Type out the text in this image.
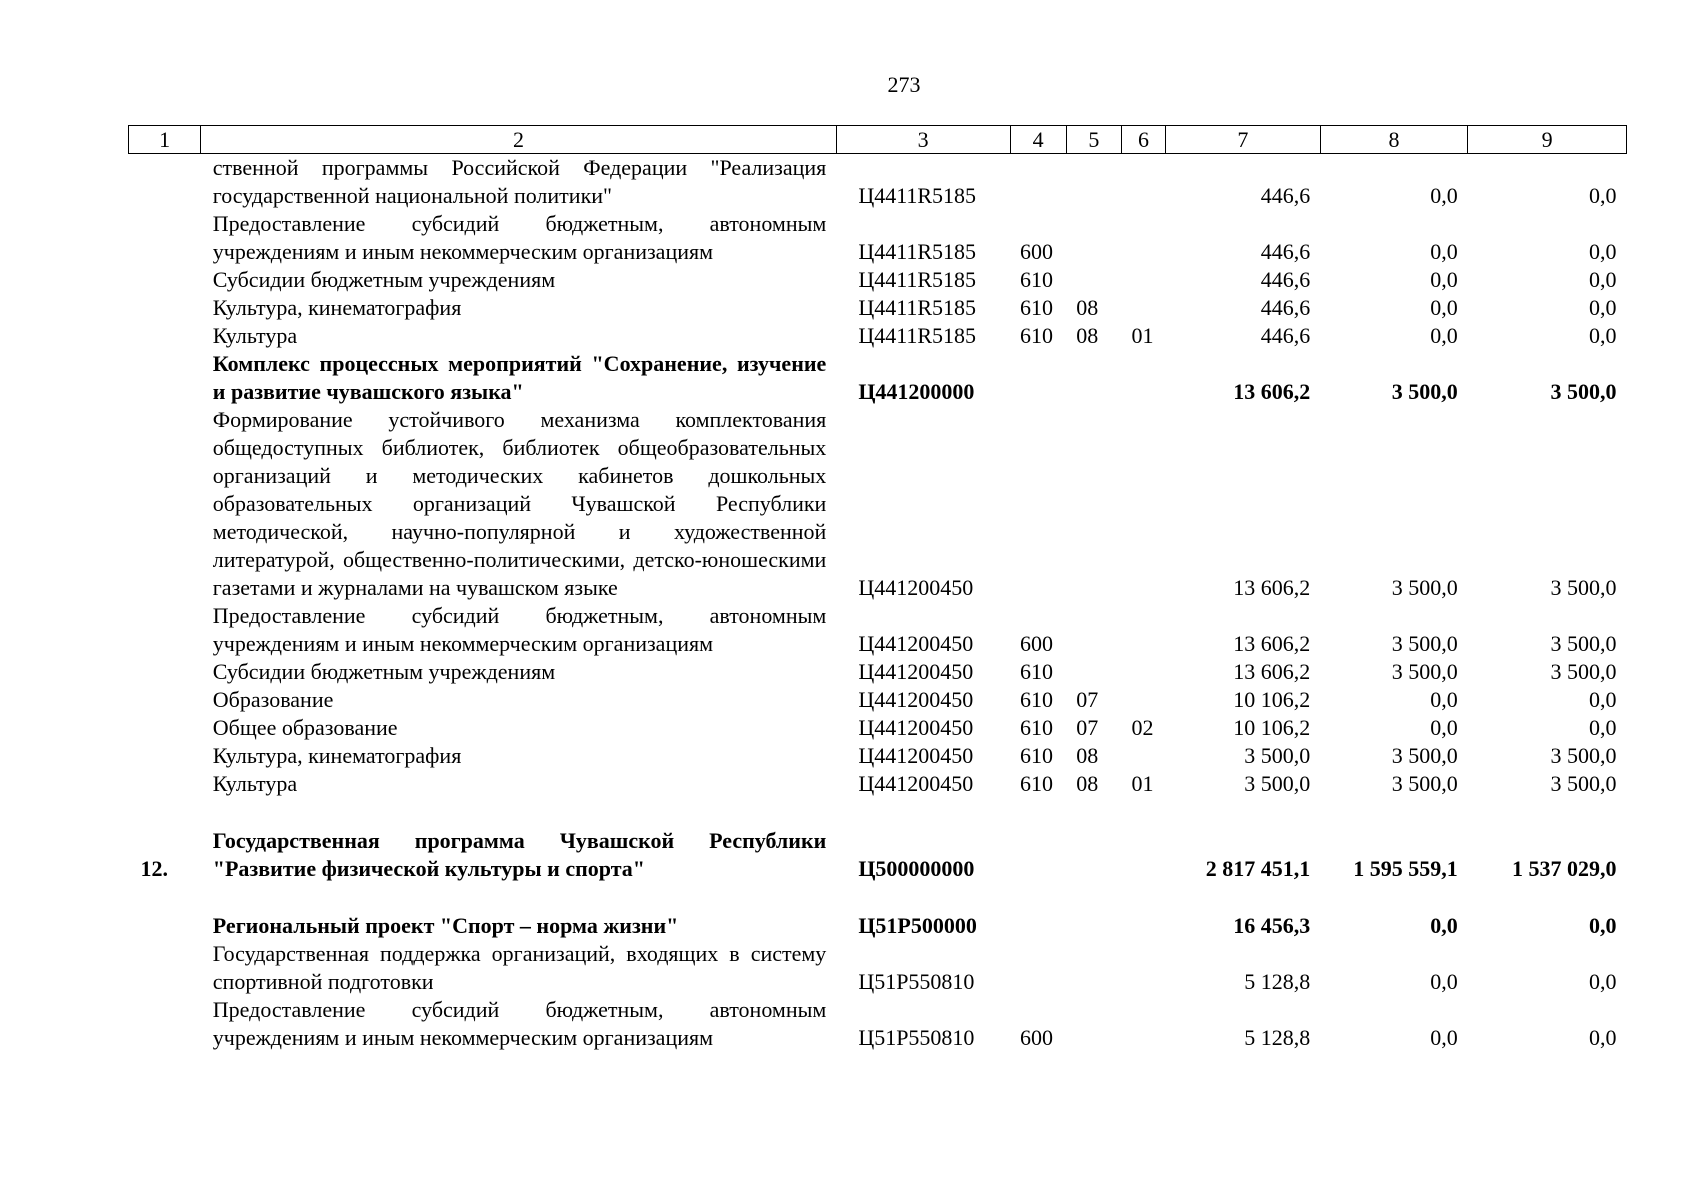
273
1	2	3	4	5	6	7	8	9
	ственной программы Российской Федерации "Реализация государственной национальной политики"	Ц4411R5185				446,6	0,0	0,0
	Предоставление субсидий бюджетным, автономным учреждениям и иным некоммерческим организациям	Ц4411R5185	600			446,6	0,0	0,0
	Субсидии бюджетным учреждениям	Ц4411R5185	610			446,6	0,0	0,0
	Культура, кинематография	Ц4411R5185	610	08		446,6	0,0	0,0
	Культура	Ц4411R5185	610	08	01	446,6	0,0	0,0
	Комплекс процессных мероприятий "Сохранение, изучение и развитие чувашского языка"	Ц441200000				13 606,2	3 500,0	3 500,0
	Формирование устойчивого механизма комплектования общедоступных библиотек, библиотек общеобразовательных организаций и методических кабинетов дошкольных образовательных организаций Чувашской Республики методической, научно-популярной и художественной литературой, общественно-политическими, детско-юношескими газетами и журналами на чувашском языке	Ц441200450				13 606,2	3 500,0	3 500,0
	Предоставление субсидий бюджетным, автономным учреждениям и иным некоммерческим организациям	Ц441200450	600			13 606,2	3 500,0	3 500,0
	Субсидии бюджетным учреждениям	Ц441200450	610			13 606,2	3 500,0	3 500,0
	Образование	Ц441200450	610	07		10 106,2	0,0	0,0
	Общее образование	Ц441200450	610	07	02	10 106,2	0,0	0,0
	Культура, кинематография	Ц441200450	610	08		3 500,0	3 500,0	3 500,0
	Культура	Ц441200450	610	08	01	3 500,0	3 500,0	3 500,0

12.	Государственная программа Чувашской Республики "Развитие физической культуры и спорта"	Ц500000000				2 817 451,1	1 595 559,1	1 537 029,0

	Региональный проект "Спорт – норма жизни"	Ц51Р500000				16 456,3	0,0	0,0
	Государственная поддержка организаций, входящих в систему спортивной подготовки	Ц51Р550810				5 128,8	0,0	0,0
	Предоставление субсидий бюджетным, автономным учреждениям и иным некоммерческим организациям	Ц51Р550810	600			5 128,8	0,0	0,0
